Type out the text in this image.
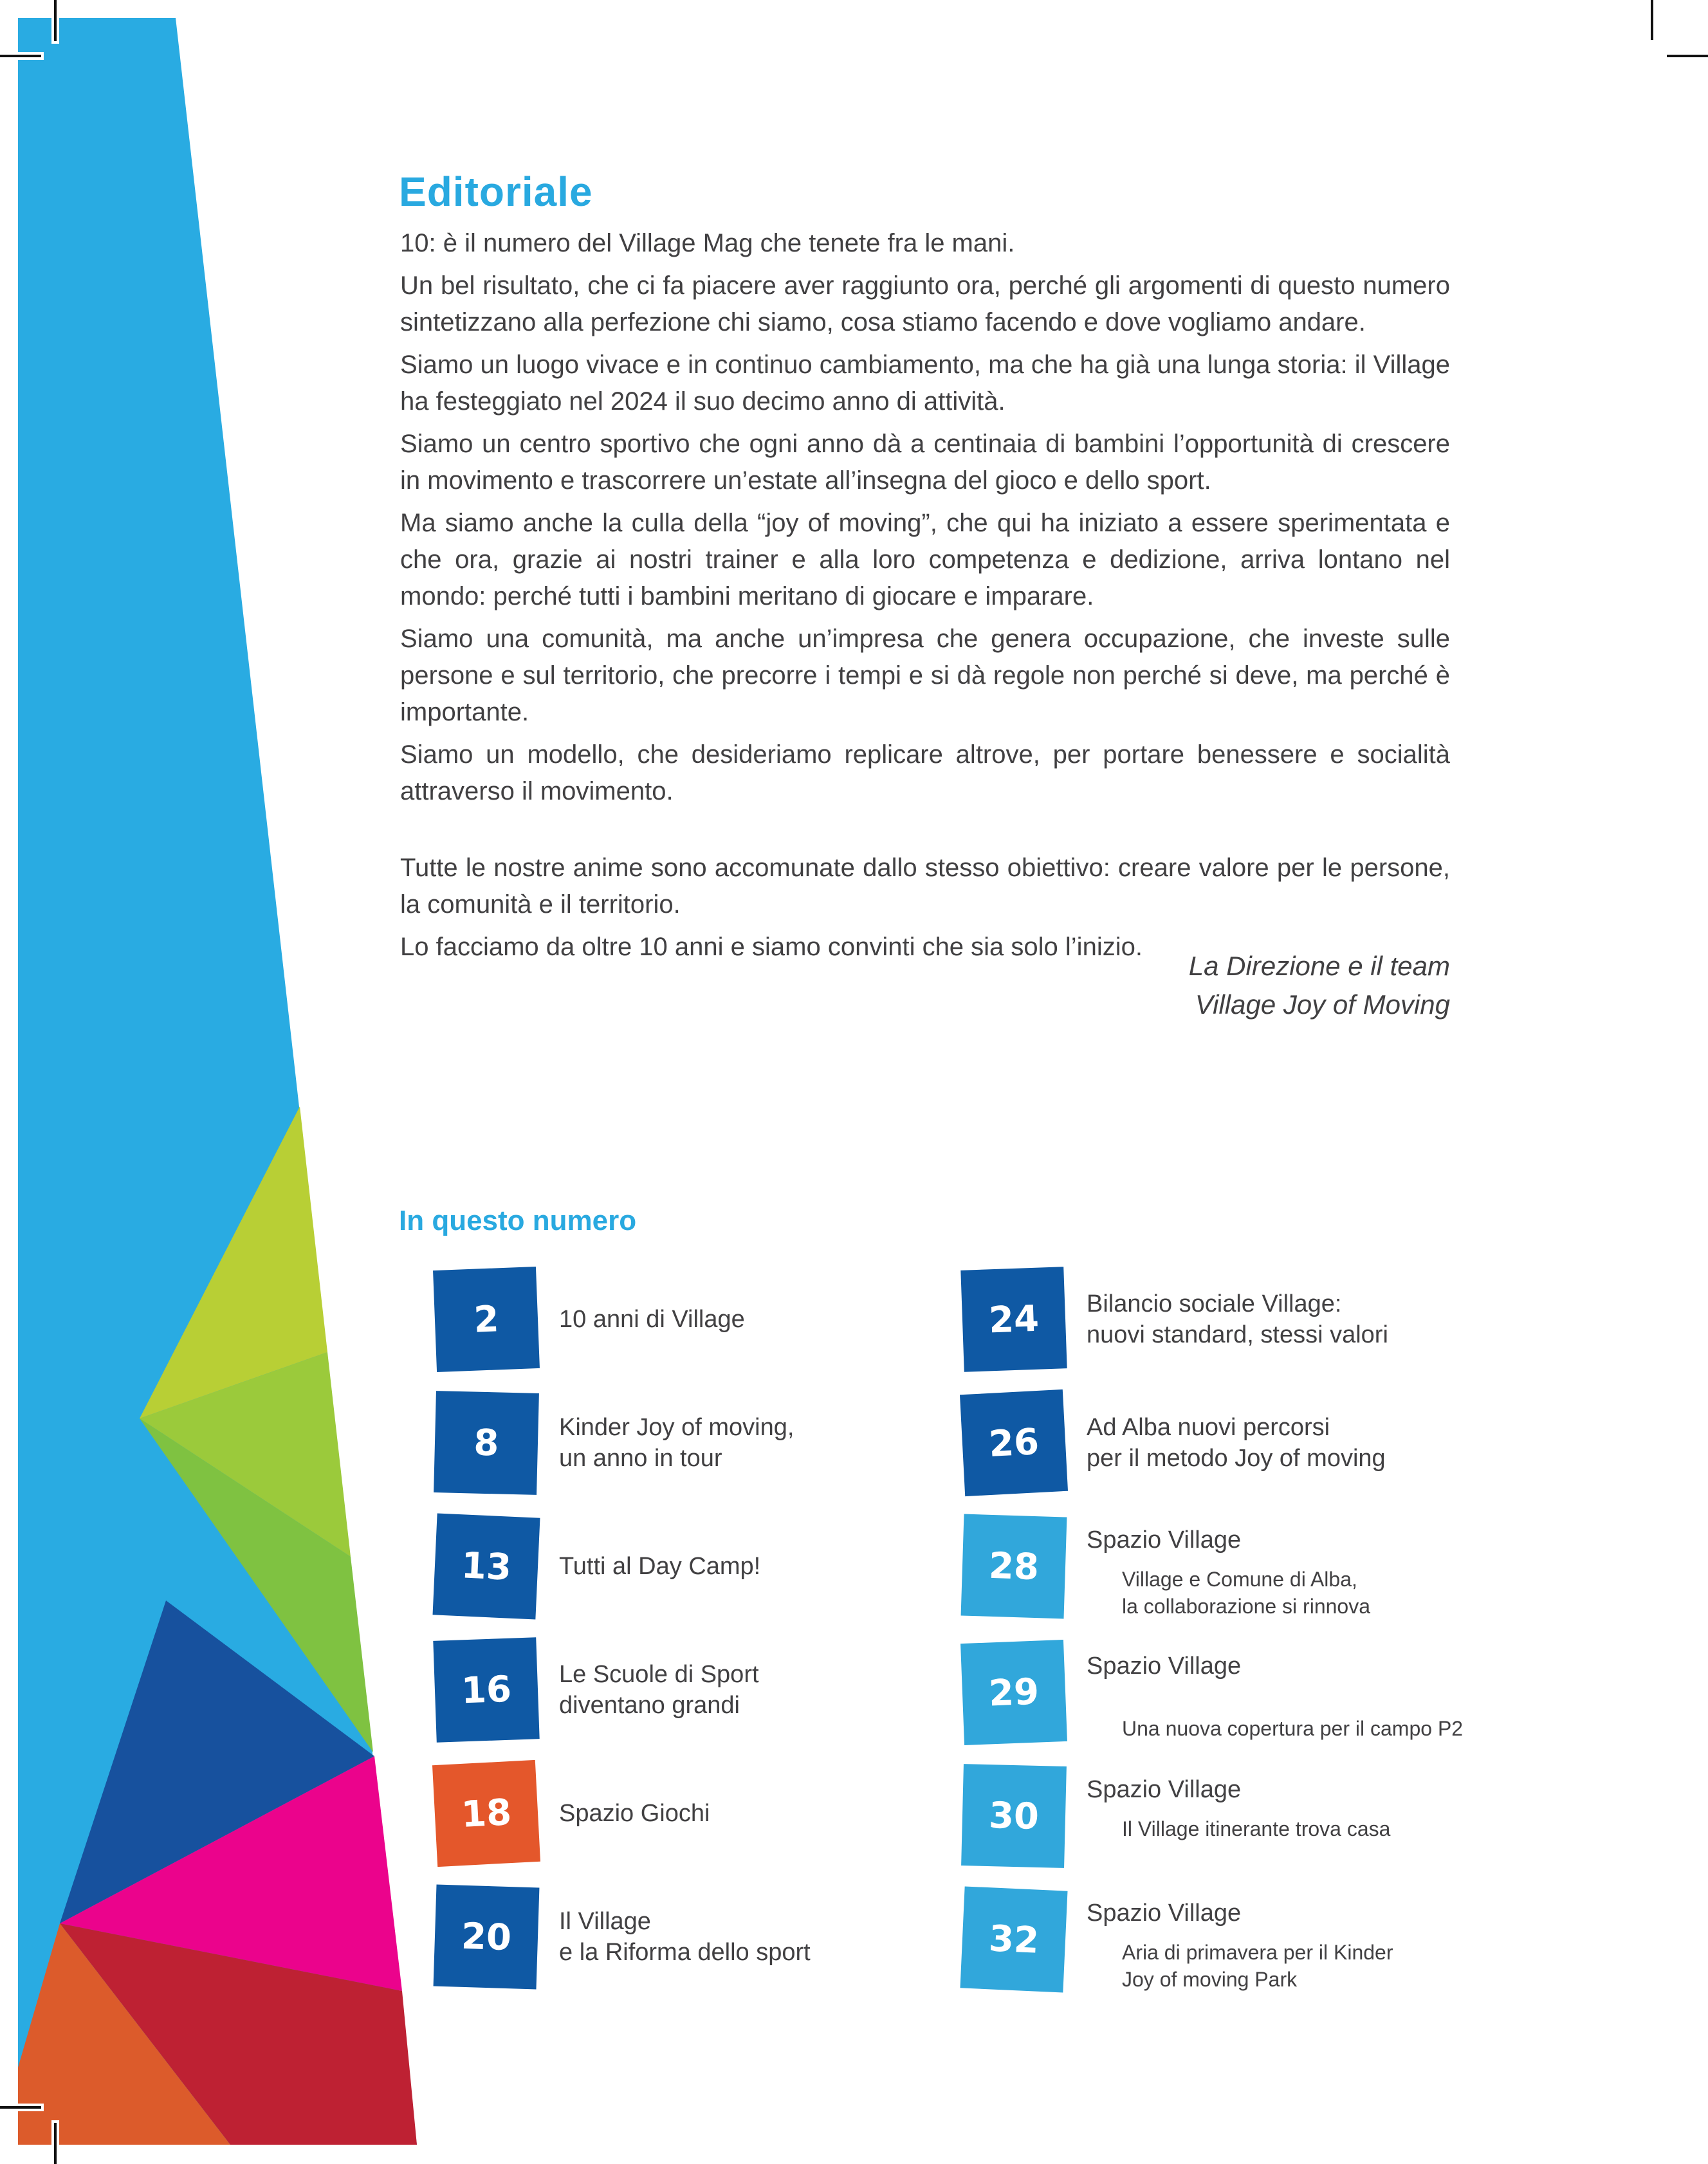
Editoriale

10: è il numero del Village Mag che tenete fra le mani.

Un bel risultato, che ci fa piacere aver raggiunto ora, perché gli argomenti di questo numero sintetizzano alla perfezione chi siamo, cosa stiamo facendo e dove vogliamo andare.

Siamo un luogo vivace e in continuo cambiamento, ma che ha già una lunga storia: il Village ha festeggiato nel 2024 il suo decimo anno di attività.

Siamo un centro sportivo che ogni anno dà a centinaia di bambini l’opportunità di crescere in movimento e trascorrere un’estate all’insegna del gioco e dello sport.

Ma siamo anche la culla della “joy of moving”, che qui ha iniziato a essere sperimentata e che ora, grazie ai nostri trainer e alla loro competenza e dedizione, arriva lontano nel mondo: perché tutti i bambini meritano di giocare e imparare.

Siamo una comunità, ma anche un’impresa che genera occupazione, che investe sulle persone e sul territorio, che precorre i tempi e si dà regole non perché si deve, ma perché è importante.

Siamo un modello, che desideriamo replicare altrove, per portare benessere e socialità attraverso il movimento.

Tutte le nostre anime sono accomunate dallo stesso obiettivo: creare valore per le persone, la comunità e il territorio.

Lo facciamo da oltre 10 anni e siamo convinti che sia solo l’inizio.

La Direzione e il team
Village Joy of Moving
In questo numero
2 10 anni di Village
8 Kinder Joy of moving,
un anno in tour
13 Tutti al Day Camp!
16 Le Scuole di Sport
diventano grandi
18 Spazio Giochi
20 Il Village
e la Riforma dello sport
24 Bilancio sociale Village:
nuovi standard, stessi valori
26 Ad Alba nuovi percorsi
per il metodo Joy of moving
28
Spazio Village
Village e Comune di Alba,
la collaborazione si rinnova
29
Spazio Village
Una nuova copertura per il campo P2
30
Spazio Village
Il Village itinerante trova casa
32
Spazio Village
Aria di primavera per il Kinder
Joy of moving Park
